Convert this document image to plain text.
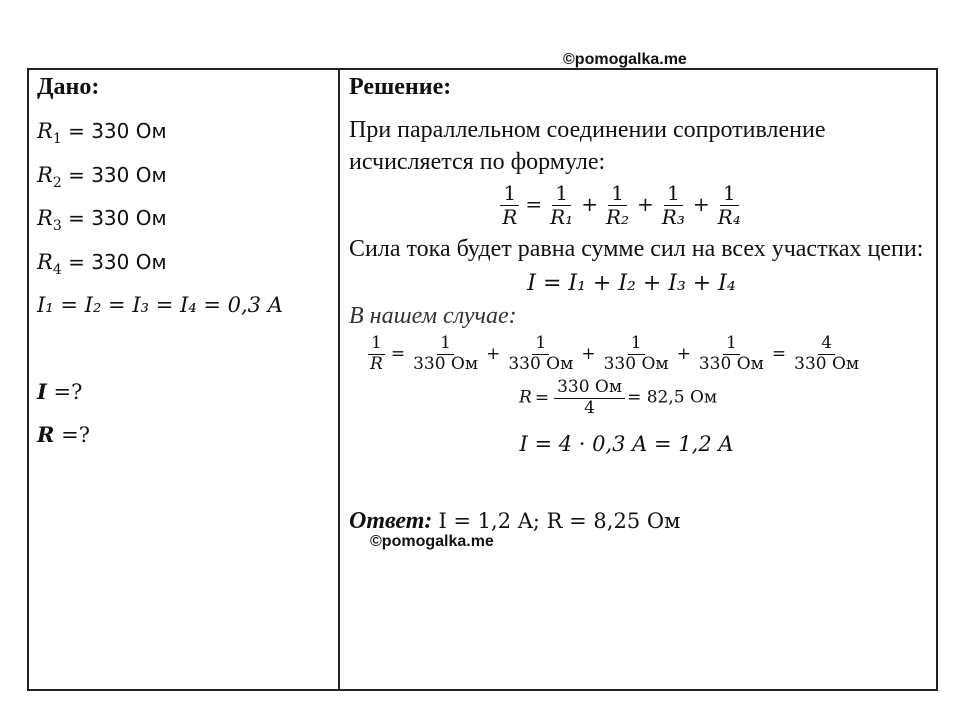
©pomogalka.me
Дано:
$R_1 = 330$ Ом
$R_2 = 330$ Ом
$R_3 = 330$ Ом
$R_4 = 330$ Ом
I₁ = I₂ = I₃ = I₄ = 0,3 A
I =?
R =?
Решение:
При параллельном соединении сопротивление исчисляется по формуле:
$\frac{1}{R} = \frac{1}{\text{R₁}} + \frac{1}{\text{R₂}} + \frac{1}{\text{R₃}} + \frac{1}{\text{R₄}}$
Сила тока будет равна сумме сил на всех участках цепи:
I = I₁ + I₂ + I₃ + I₄
В нашем случае:
$\frac{1}{R} = \frac{1}{330 Ом} + \frac{1}{330 Ом} + \frac{1}{330 Ом} + \frac{1}{330 Ом} = \frac{4}{330 Ом}$
$R = \frac{330 Ом}{4} = 82,5$ Ом
I = 4 · 0,3 A = 1,2 A
Ответ: I = 1,2 A; R = 8,25 Ом
©pomogalka.me
